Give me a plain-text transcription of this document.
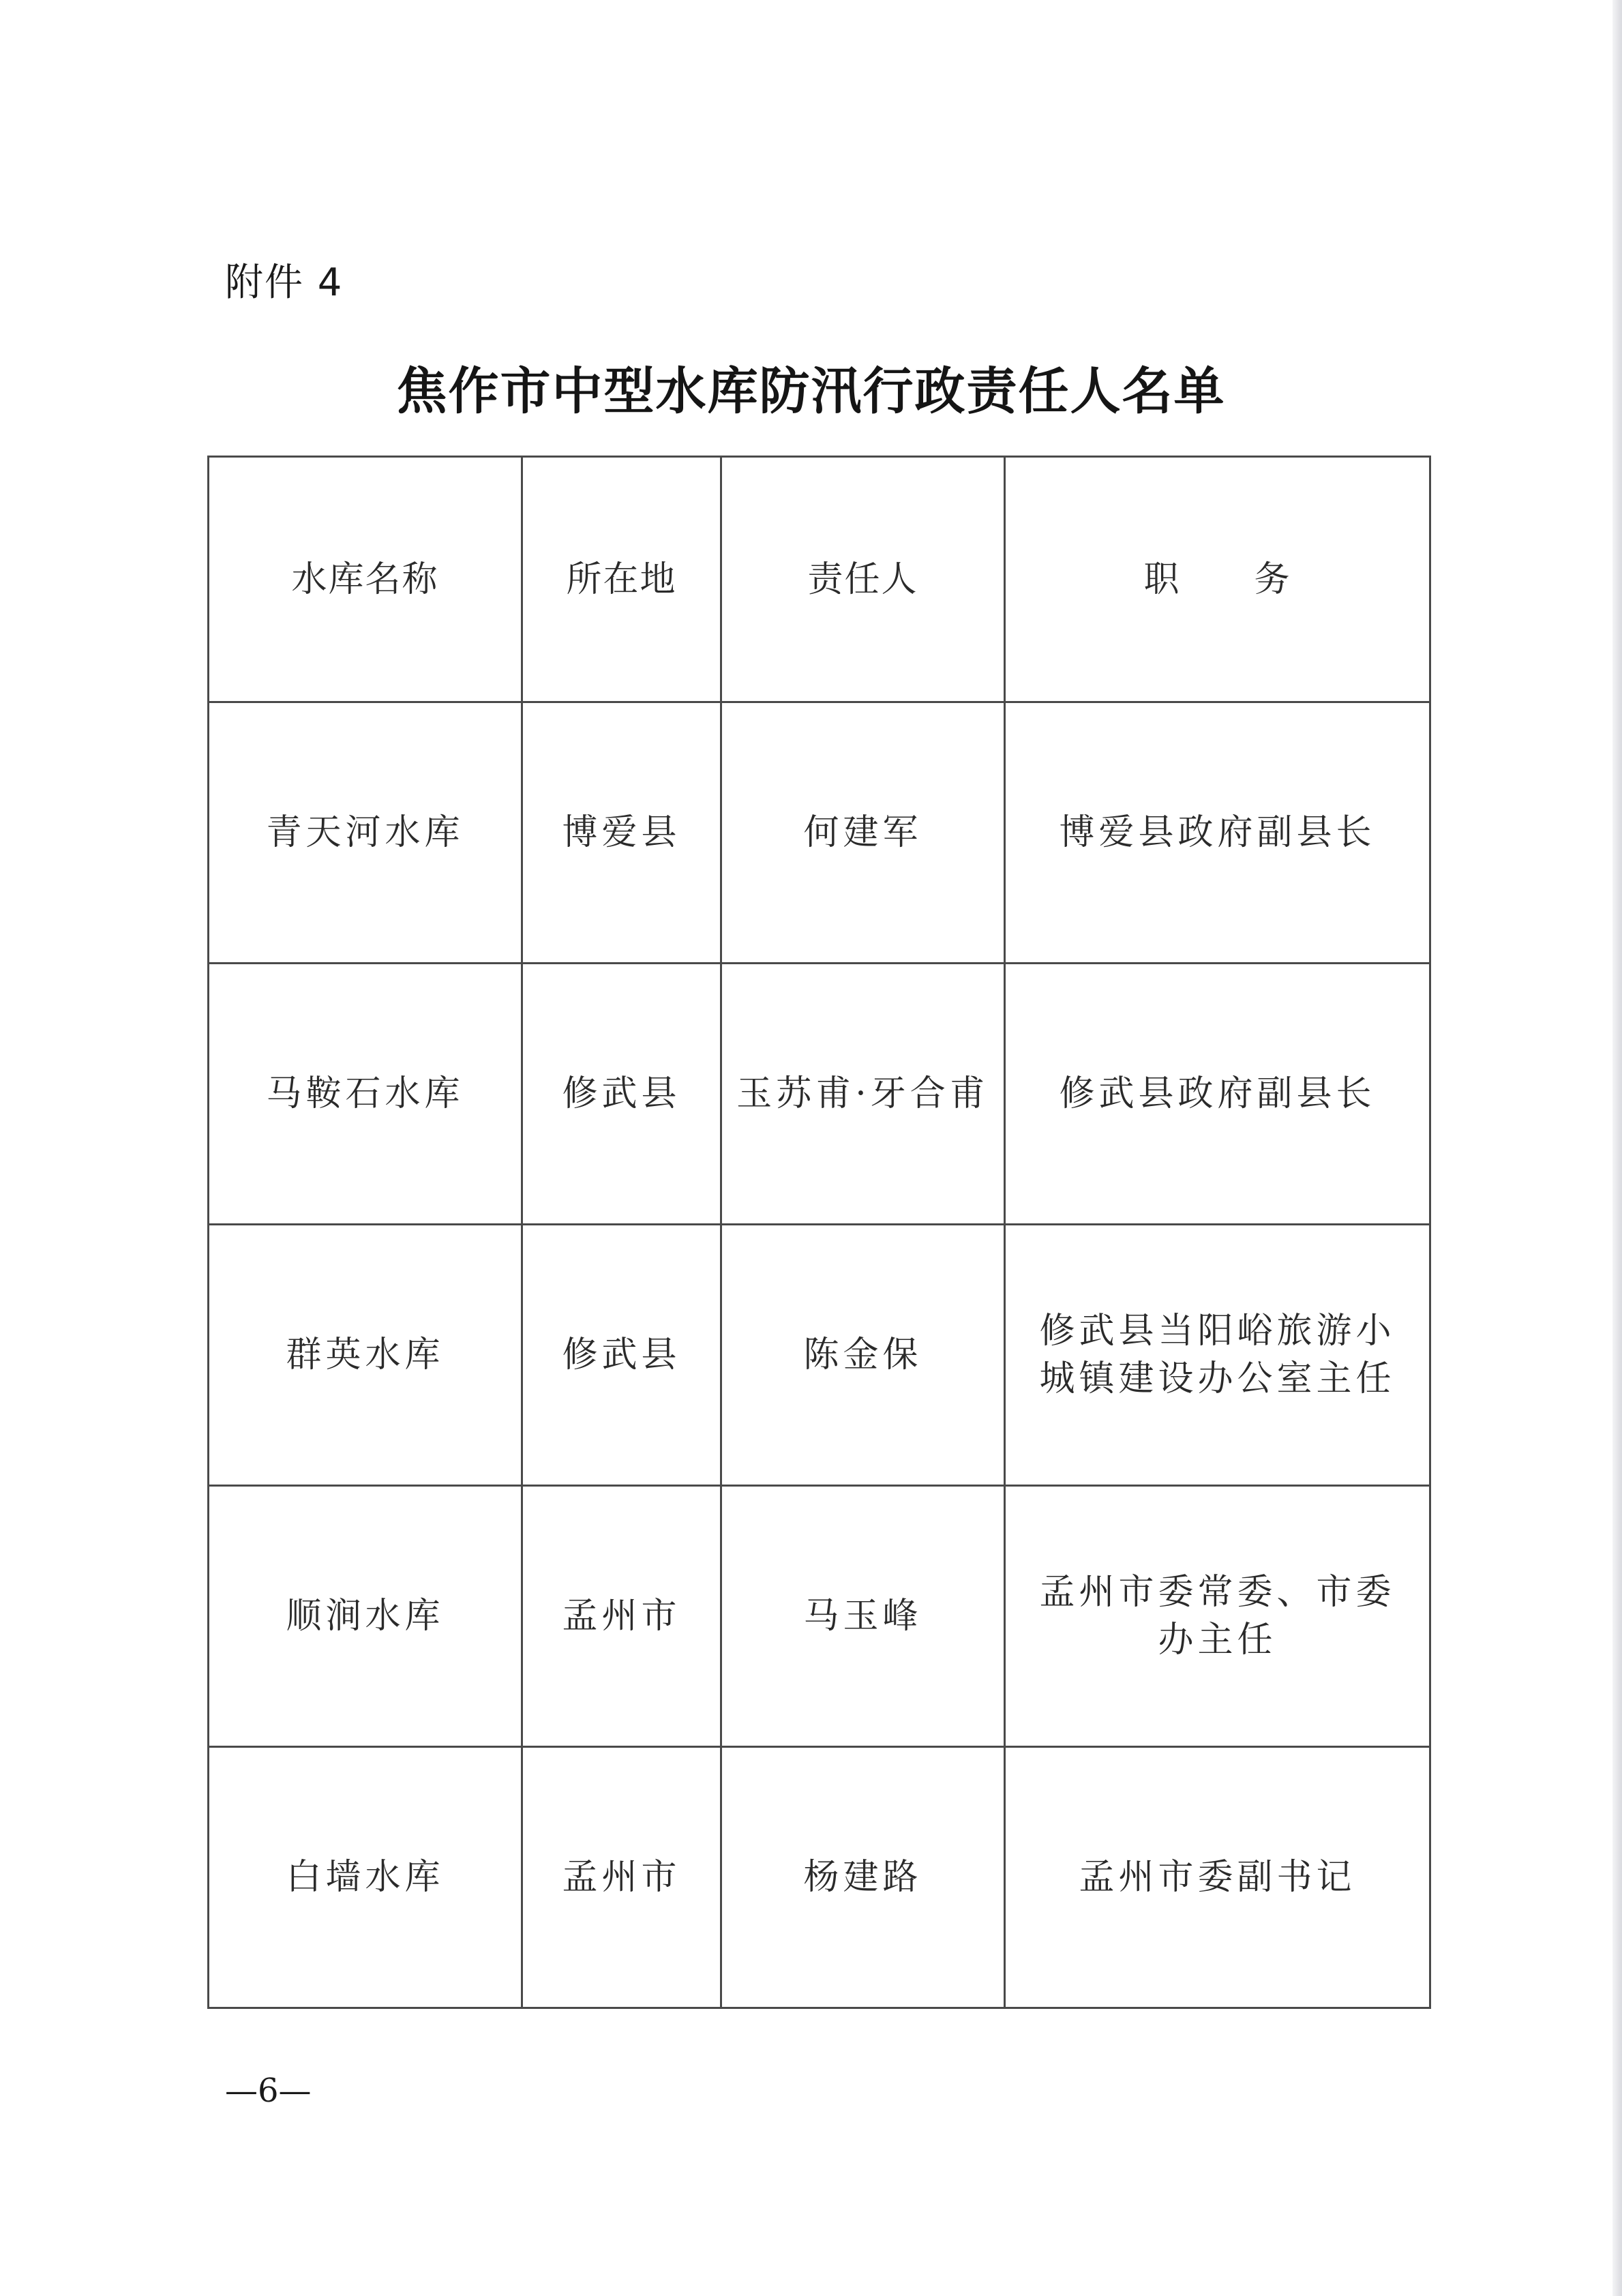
附件 4
焦作市中型水库防汛行政责任人名单
水库名称	所在地	责任人	职　　务
青天河水库	博爱县	何建军	博爱县政府副县长
马鞍石水库	修武县	玉苏甫·牙合甫	修武县政府副县长
群英水库	修武县	陈金保	修武县当阳峪旅游小城镇建设办公室主任
顺涧水库	孟州市	马玉峰	孟州市委常委、市委办主任
白墙水库	孟州市	杨建路	孟州市委副书记
—6—
